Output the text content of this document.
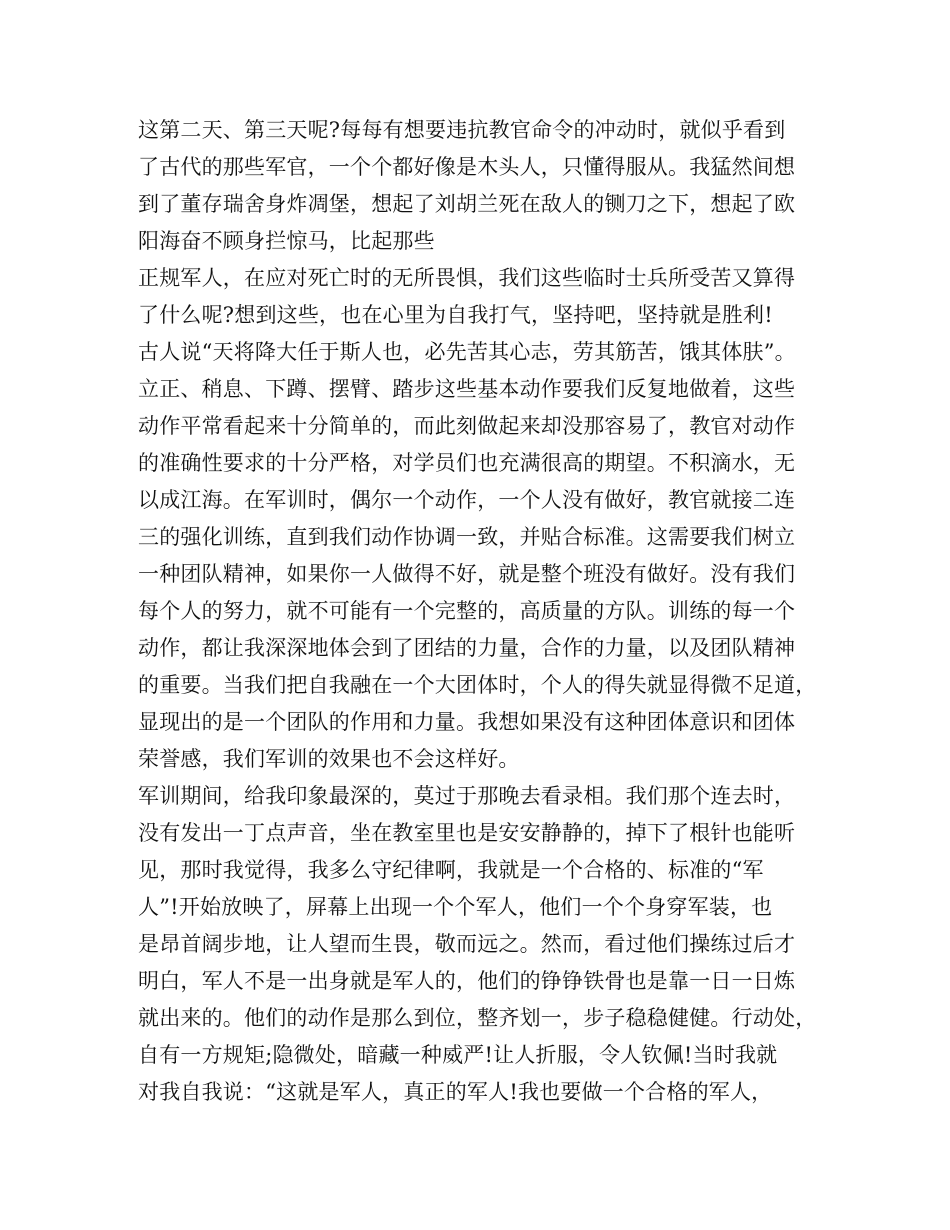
这第二天、第三天呢?每每有想要违抗教官命令的冲动时，就似乎看到
了古代的那些军官，一个个都好像是木头人，只懂得服从。我猛然间想
到了董存瑞舍身炸凋堡，想起了刘胡兰死在敌人的铡刀之下，想起了欧
阳海奋不顾身拦惊马，比起那些
正规军人，在应对死亡时的无所畏惧，我们这些临时士兵所受苦又算得
了什么呢?想到这些，也在心里为自我打气，坚持吧，坚持就是胜利!
古人说“天将降大任于斯人也，必先苦其心志，劳其筋苦，饿其体肤”。
立正、稍息、下蹲、摆臂、踏步这些基本动作要我们反复地做着，这些
动作平常看起来十分简单的，而此刻做起来却没那容易了，教官对动作
的准确性要求的十分严格，对学员们也充满很高的期望。不积滴水，无
以成江海。在军训时，偶尔一个动作，一个人没有做好，教官就接二连
三的强化训练，直到我们动作协调一致，并贴合标准。这需要我们树立
一种团队精神，如果你一人做得不好，就是整个班没有做好。没有我们
每个人的努力，就不可能有一个完整的，高质量的方队。训练的每一个
动作，都让我深深地体会到了团结的力量，合作的力量，以及团队精神
的重要。当我们把自我融在一个大团体时，个人的得失就显得微不足道，
显现出的是一个团队的作用和力量。我想如果没有这种团体意识和团体
荣誉感，我们军训的效果也不会这样好。
军训期间，给我印象最深的，莫过于那晚去看录相。我们那个连去时，
没有发出一丁点声音，坐在教室里也是安安静静的，掉下了根针也能听
见，那时我觉得，我多么守纪律啊，我就是一个合格的、标准的“军
人”!开始放映了，屏幕上出现一个个军人，他们一个个身穿军装，也
是昂首阔步地，让人望而生畏，敬而远之。然而，看过他们操练过后才
明白，军人不是一出身就是军人的，他们的铮铮铁骨也是靠一日一日炼
就出来的。他们的动作是那么到位，整齐划一，步子稳稳健健。行动处，
自有一方规矩;隐微处，暗藏一种威严!让人折服，令人钦佩!当时我就
对我自我说：“这就是军人，真正的军人!我也要做一个合格的军人，
